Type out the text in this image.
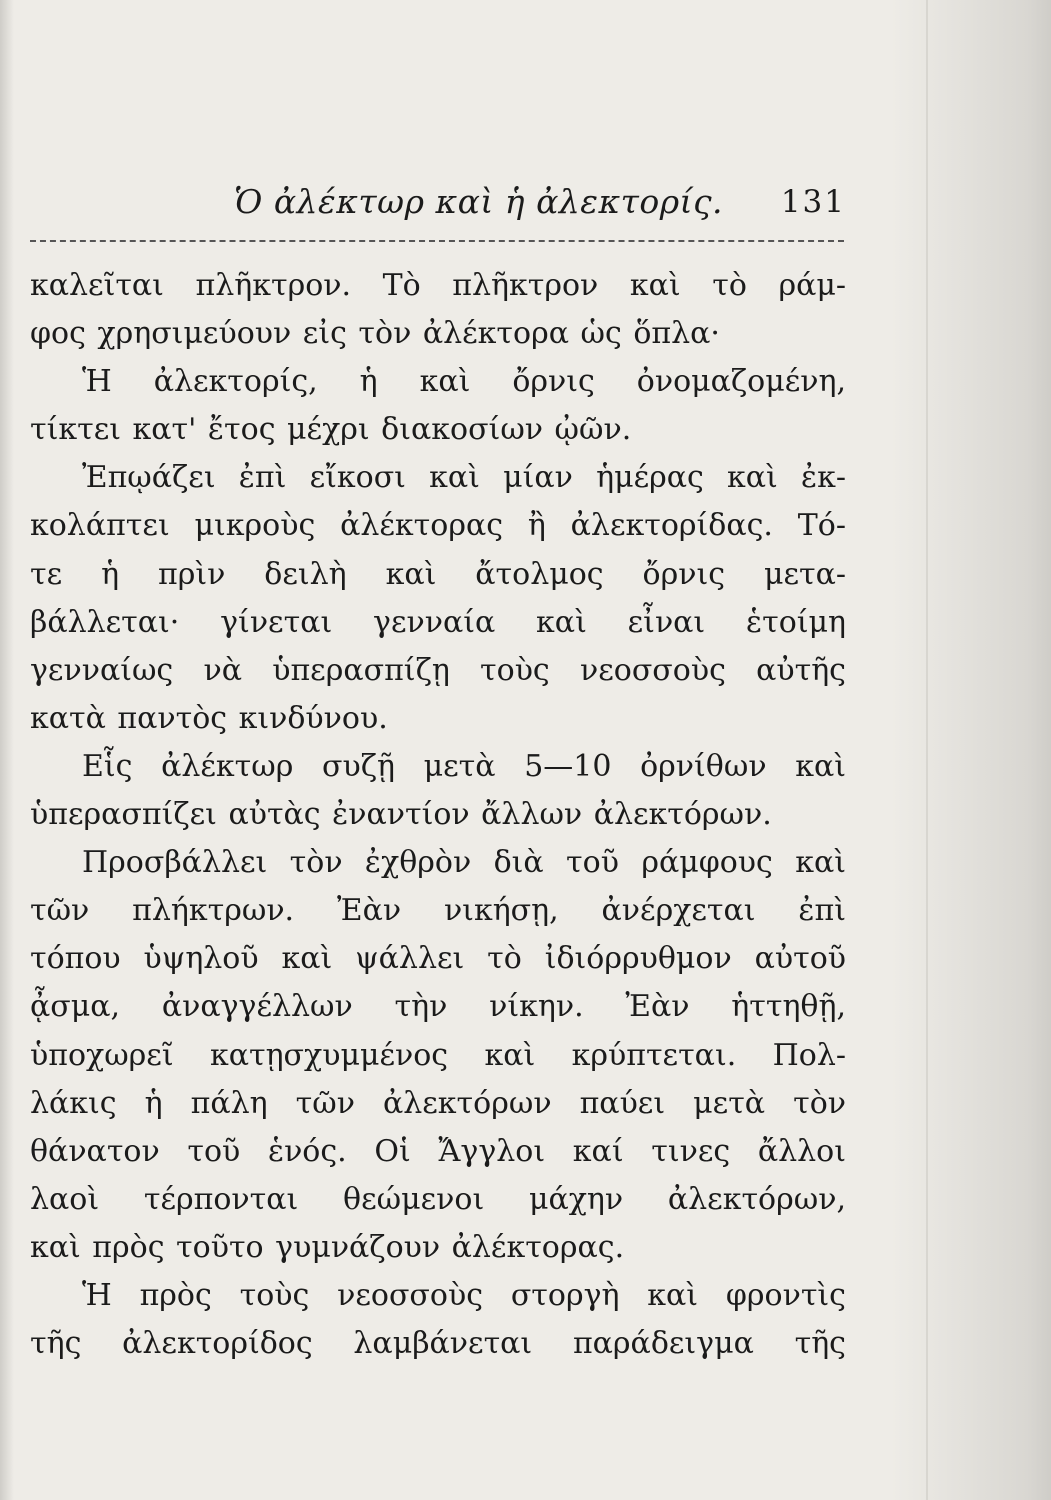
Ὁ ἀλέκτωρ καὶ ἡ ἀλεκτορίς. 131
καλεῖται πλῆκτρον. Τὸ πλῆκτρον καὶ τὸ ράμ-
φος χρησιμεύουν εἰς τὸν ἀλέκτορα ὡς ὅπλα·
Ἡ ἀλεκτορίς, ἡ καὶ ὄρνις ὀνομαζομένη,
τίκτει κατ' ἔτος μέχρι διακοσίων ᾠῶν.
Ἐπῳάζει ἐπὶ εἴκοσι καὶ μίαν ἡμέρας καὶ ἐκ-
κολάπτει μικροὺς ἀλέκτορας ἢ ἀλεκτορίδας. Τό-
τε ἡ πρὶν δειλὴ καὶ ἄτολμος ὄρνις μετα-
βάλλεται· γίνεται γενναία καὶ εἶναι ἑτοίμη
γενναίως νὰ ὑπερασπίζῃ τοὺς νεοσσοὺς αὐτῆς
κατὰ παντὸς κινδύνου.
Εἷς ἀλέκτωρ συζῇ μετὰ 5—10 ὀρνίθων καὶ
ὑπερασπίζει αὐτὰς ἐναντίον ἄλλων ἀλεκτόρων.
Προσβάλλει τὸν ἐχθρὸν διὰ τοῦ ράμφους καὶ
τῶν πλήκτρων. Ἐὰν νικήσῃ, ἀνέρχεται ἐπὶ
τόπου ὑψηλοῦ καὶ ψάλλει τὸ ἰδιόρρυθμον αὐτοῦ
ᾆσμα, ἀναγγέλλων τὴν νίκην. Ἐὰν ἡττηθῇ,
ὑποχωρεῖ κατῃσχυμμένος καὶ κρύπτεται. Πολ-
λάκις ἡ πάλη τῶν ἀλεκτόρων παύει μετὰ τὸν
θάνατον τοῦ ἑνός. Οἱ Ἄγγλοι καί τινες ἄλλοι
λαοὶ τέρπονται θεώμενοι μάχην ἀλεκτόρων,
καὶ πρὸς τοῦτο γυμνάζουν ἀλέκτορας.
Ἡ πρὸς τοὺς νεοσσοὺς στοργὴ καὶ φροντὶς
τῆς ἀλεκτορίδος λαμβάνεται παράδειγμα τῆς
